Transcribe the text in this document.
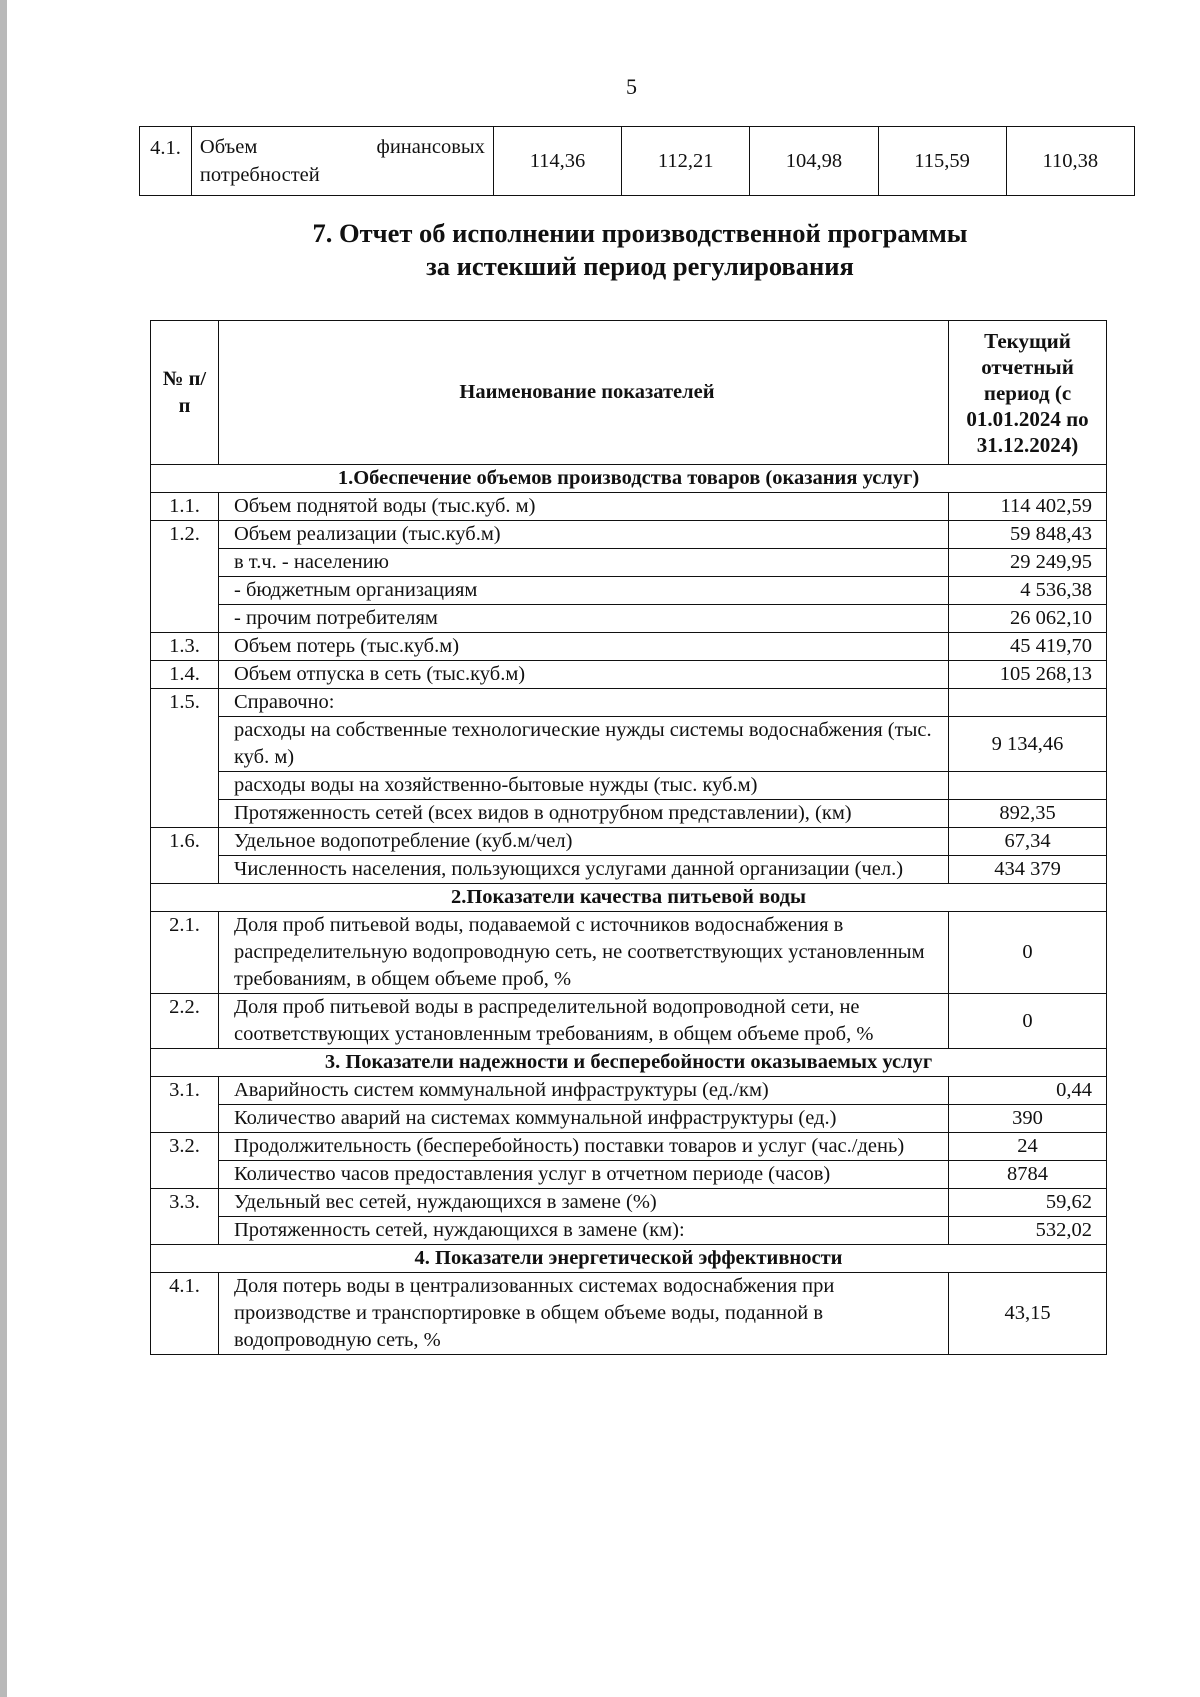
5
4.1.	Объем финансовых потребностей	114,36	112,21	104,98	115,59	110,38
7. Отчет об исполнении производственной программы
за истекший период регулирования
№ п/п	Наименование показателей	Текущий отчетный период (с 01.01.2024 по 31.12.2024)
1.Обеспечение объемов производства товаров (оказания услуг)		
1.1.	Объем поднятой воды (тыс.куб. м)	114 402,59
1.2.	Объем реализации (тыс.куб.м)	59 848,43
	в т.ч. - населению	29 249,95
	- бюджетным организациям	4 536,38
	- прочим потребителям	26 062,10
1.3.	Объем потерь (тыс.куб.м)	45 419,70
1.4.	Объем отпуска в сеть (тыс.куб.м)	105 268,13
1.5.	Справочно:	
	расходы на собственные технологические нужды системы водоснабжения (тыс. куб. м)	9 134,46
	расходы воды на хозяйственно-бытовые нужды (тыс. куб.м)	
	Протяженность сетей (всех видов в однотрубном представлении), (км)	892,35
1.6.	Удельное водопотребление (куб.м/чел)	67,34
	Численность населения, пользующихся услугами данной организации (чел.)	434 379
2.Показатели качества питьевой воды		
2.1.	Доля проб питьевой воды, подаваемой с источников водоснабжения в распределительную водопроводную сеть, не соответствующих установленным требованиям, в общем объеме проб, %	0
2.2.	Доля проб питьевой воды в распределительной водопроводной сети, не соответствующих установленным требованиям, в общем объеме проб, %	0
3. Показатели надежности и бесперебойности оказываемых услуг		
3.1.	Аварийность систем коммунальной инфраструктуры (ед./км)	0,44
	Количество аварий на системах коммунальной инфраструктуры (ед.)	390
3.2.	Продолжительность (бесперебойность) поставки товаров и услуг (час./день)	24
	Количество часов предоставления услуг в отчетном периоде (часов)	8784
3.3.	Удельный вес сетей, нуждающихся в замене (%)	59,62
	Протяженность сетей, нуждающихся в замене (км):	532,02
4. Показатели энергетической эффективности		
4.1.	Доля потерь воды в централизованных системах водоснабжения при производстве и транспортировке в общем объеме воды, поданной в водопроводную сеть, %	43,15
